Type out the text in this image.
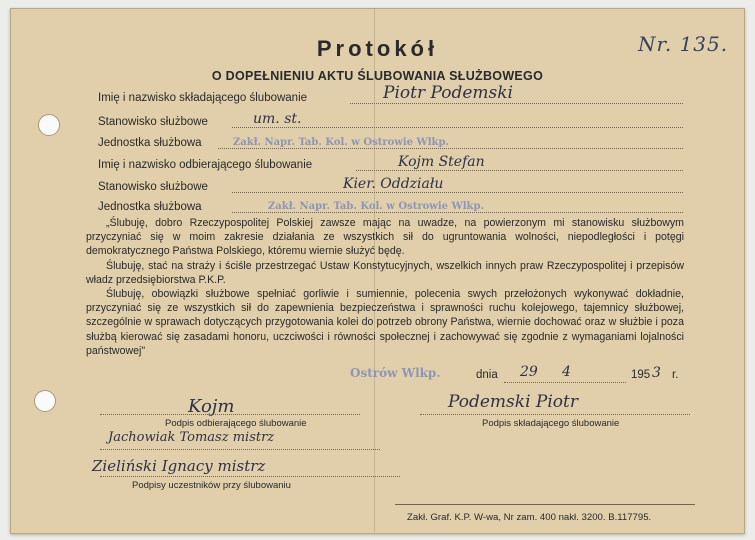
Nr. 135.
Protokół
O DOPEŁNIENIU AKTU ŚLUBOWANIA SŁUŻBOWEGO
Imię i nazwisko składającego ślubowanie	Piotr Podemski
Stanowisko służbowe	um. st.
Jednostka służbowa	Zakł. Napr. Tab. Kol. w Ostrowie Wlkp.
Imię i nazwisko odbierającego ślubowanie	Kojm Stefan
Stanowisko służbowe	Kier. Oddziału
Jednostka służbowa	Zakł. Napr. Tab. Kol. w Ostrowie Wlkp.

„Ślubuję, dobro Rzeczypospolitej Polskiej zawsze mając na uwadze, na powierzonym mi stanowisku służbowym przyczyniać się w moim zakresie działania ze wszystkich sił do ugruntowania wolności, niepodległości i potęgi demokratycznego Państwa Polskiego, któremu wiernie służyć będę.

Ślubuję, stać na straży i ściśle przestrzegać Ustaw Konstytucyjnych, wszelkich innych praw Rzeczypospolitej i przepisów władz przedsiębiorstwa P.K.P.

Ślubuję, obowiązki służbowe spełniać gorliwie i sumiennie, polecenia swych przełożonych wykonywać dokładnie, przyczyniać się ze wszystkich sił do zapewnienia bezpieczeństwa i sprawności ruchu kolejowego, tajemnicy służbowej, szczególnie w sprawach dotyczących przygotowania kolei do potrzeb obrony Państwa, wiernie dochować oraz w służbie i poza służbą kierować się zasadami honoru, uczciwości i równości społecznej i zachowywać się zgodnie z wymaganiami lojalności państwowej"

Ostrów Wlkp.	dnia 29 4	195 3 r.
Kojm
Podpis odbierającego ślubowanie
Podemski Piotr
Podpis składającego ślubowanie
Jachowiak Tomasz mistrz
Zieliński Ignacy mistrz
Podpisy uczestników przy ślubowaniu
Zakł. Graf. K.P. W-wa, Nr zam. 400 nakł. 3200. B.117795.
